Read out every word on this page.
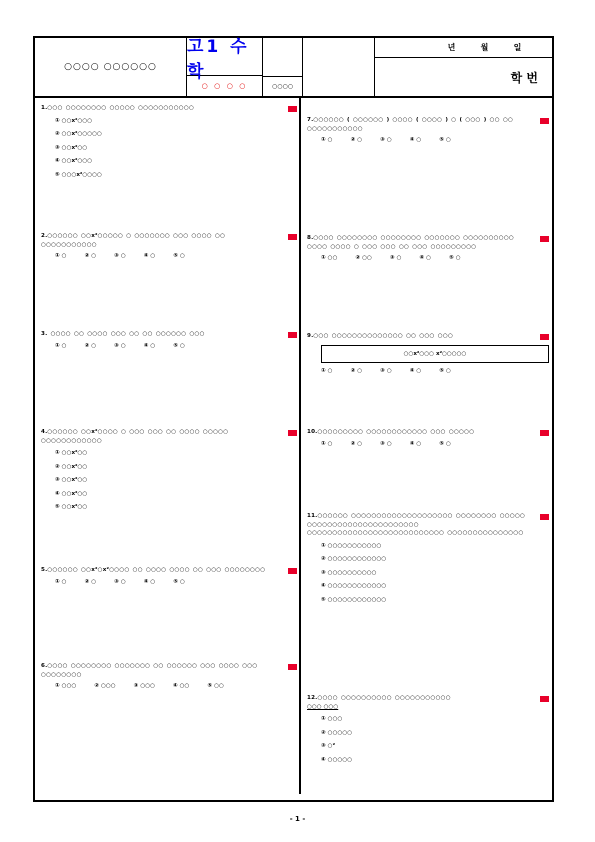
○○○○ ○○○○○○
고1 수학
○ ○ ○ ○	○○○○
년	월	일
학 번
1.○○○ ○○○○○○○○ ○○○○○ ○○○○○○○○○○○
① ○○x²○○○
② ○○x²○○○○○
③ ○○x²○○
④ ○○x²○○○
⑤ ○○○x²○○○○
2.○○○○○○ ○○x²○○○○○ ○ ○○○○○○○ ○○○ ○○○○ ○○ ○○○○○○○○○○○
① ○	② ○	③ ○	④ ○	⑤ ○
3. ○○○○ ○○ ○○○○ ○○○ ○○ ○○ ○○○○○○ ○○○
① ○	② ○	③ ○	④ ○	⑤ ○
4.○○○○○○ ○○x²○○○○ ○ ○○○ ○○○ ○○ ○○○○ ○○○○○ ○○○○○○○○○○○○
① ○○x²○○
② ○○x²○○
③ ○○x²○○
④ ○○x²○○
⑤ ○○x²○○
5.○○○○○○ ○○x²○x²○○○○ ○○ ○○○○ ○○○○ ○○ ○○○ ○○○○○○○○
① ○	② ○	③ ○	④ ○	⑤ ○
6.○○○○ ○○○○○○○○ ○○○○○○○ ○○ ○○○○○○ ○○○ ○○○○ ○○○ ○○○○○○○○
① ○○○	② ○○○	③ ○○○	④ ○○	⑤ ○○
7.○○○○○○ ( ○○○○○○ ) ○○○○ ( ○○○○ ) ○ ( ○○○ ) ○○ ○○ ○○○○○○○○○○○
① ○	② ○	③ ○	④ ○	⑤ ○
8.○○○○ ○○○○○○○○ ○○○○○○○○ ○○○○○○○ ○○○○○○○○○○ ○○○○ ○○○○ ○ ○○○ ○○○ ○○ ○○○ ○○○○○○○○○
① ○○	② ○○	③ ○	④ ○	⑤ ○
9.○○○ ○○○○○○○○○○○○○○ ○○ ○○○ ○○○
○○x²○○○ x²○○○○○
① ○	② ○	③ ○	④ ○	⑤ ○
10.○○○○○○○○○ ○○○○○○○○○○○○ ○○○ ○○○○○
① ○	② ○	③ ○	④ ○	⑤ ○
11.○○○○○○ ○○○○○○○○○○○○○○○○○○○○ ○○○○○○○○ ○○○○○ ○○○○○○○○○○○○○○○○○○○○○○ ○○○○○○○○○○○○○○○○○○○○○○○○○○○ ○○○○○○○○○○○○○○○
① ○○○○○○○○○○○
② ○○○○○○○○○○○○
③ ○○○○○○○○○○
④ ○○○○○○○○○○○○
⑤ ○○○○○○○○○○○○
12.○○○○ ○○○○○○○○○○ ○○○○○○○○○○○
○○○ ○○○
① ○○○
② ○○○○○
③ ○²
④ ○○○○○
- 1 -
